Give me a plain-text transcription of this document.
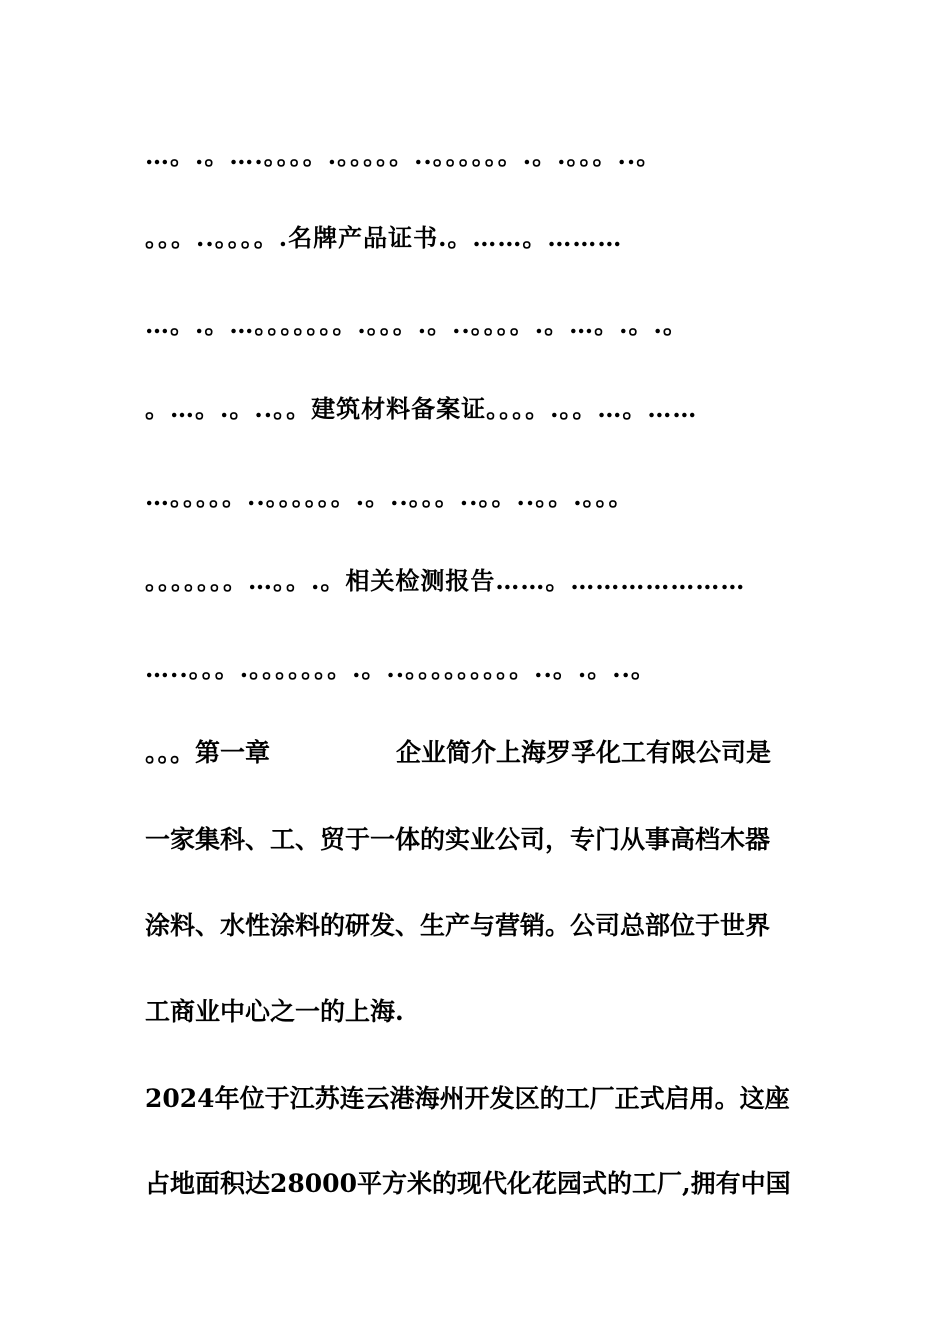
…。.。….。。。。.。。。。。..。。。。。。.。.。。。..。
。。。..。。。。.名牌产品证书.。……。………
…。.。…。。。。。。。.。。。.。..。。。。.。…。.。.。
。…。.。..。。建筑材料备案证。。。。.。。…。……
…。。。。。..。。。。。。.。..。。。..。。..。。.。。。
。。。。。。。…。。.。相关检测报告……。…………………
…..。。。.。。。。。。。.。..。。。。。。。。。..。.。..。
。。。第一章	企业简介上海罗孚化工有限公司是
一家集科、工、贸于一体的实业公司，专门从事高档木器
涂料、水性涂料的研发、生产与营销。公司总部位于世界
工商业中心之一的上海.
2024年位于江苏连云港海州开发区的工厂正式启用。这座
占地面积达28000平方米的现代化花园式的工厂,拥有中国
